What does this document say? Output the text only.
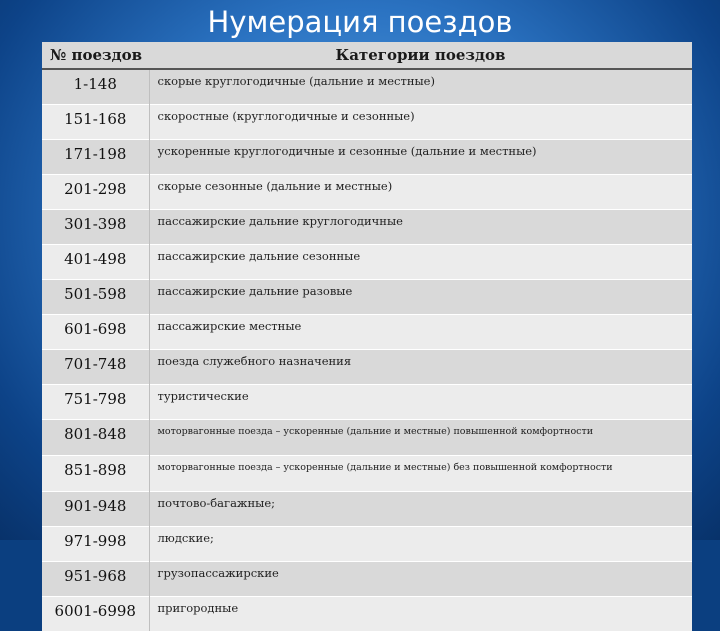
Нумерация поездов
№ поездов	Категории поездов
1-148	скорые круглогодичные (дальние и местные)
151-168	скоростные (круглогодичные и сезонные)
171-198	ускоренные круглогодичные и сезонные (дальние и местные)
201-298	скорые сезонные (дальние и местные)
301-398	пассажирские дальние круглогодичные
401-498	пассажирские дальние сезонные
501-598	пассажирские дальние разовые
601-698	пассажирские местные
701-748	поезда служебного назначения
751-798	туристические
801-848	моторвагонные поезда – ускоренные (дальние и местные) повышенной комфортности
851-898	моторвагонные поезда – ускоренные (дальние и местные) без повышенной комфортности
901-948	почтово-багажные;
971-998	людские;
951-968	грузопассажирские
6001-6998	пригородные
